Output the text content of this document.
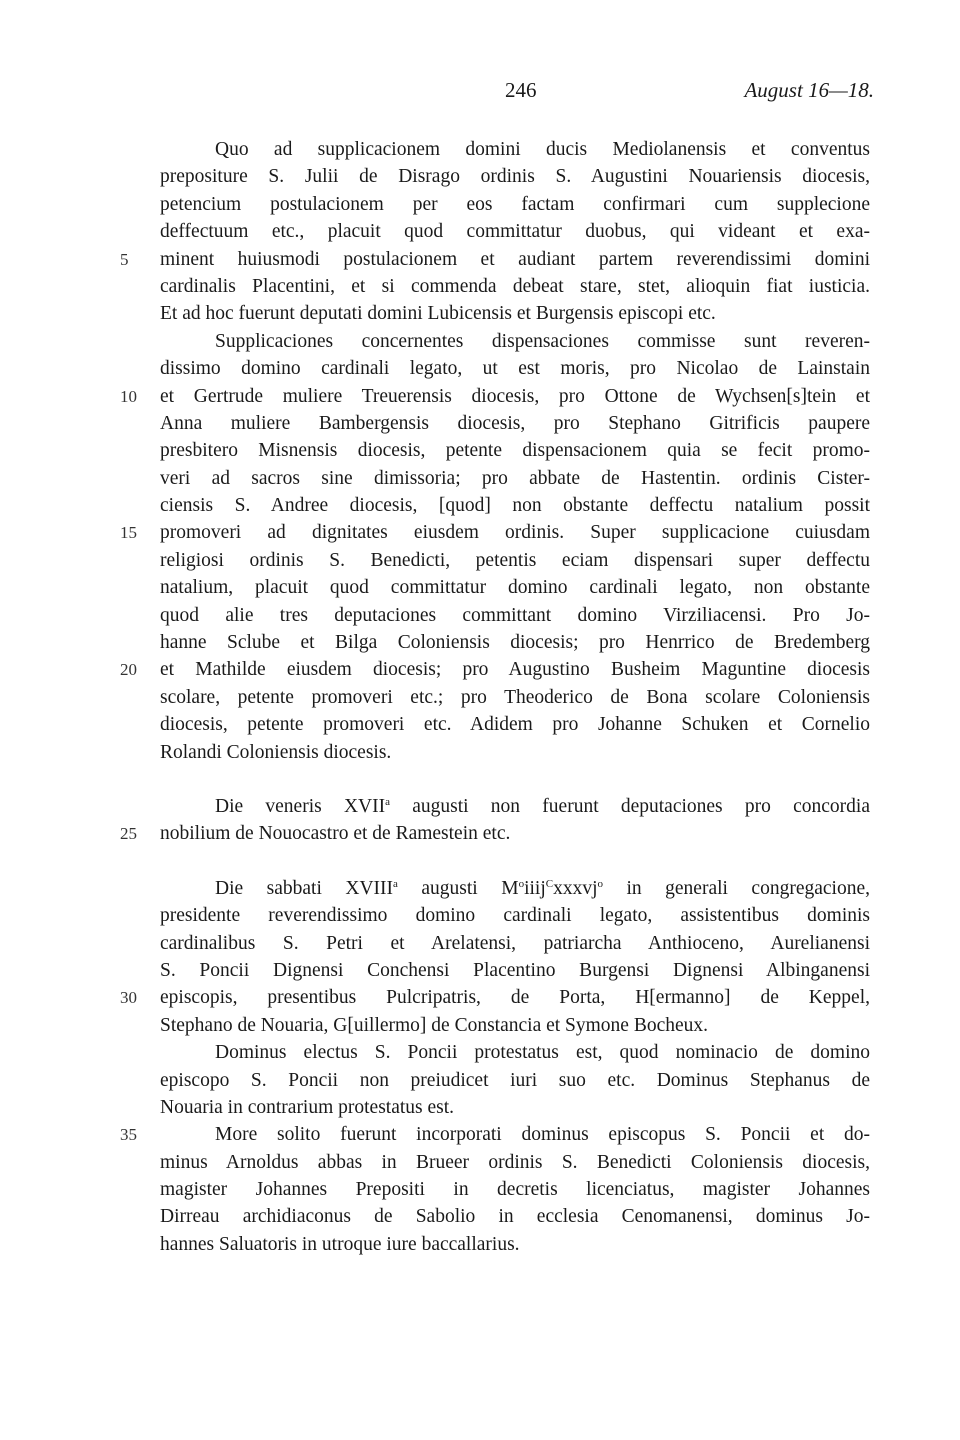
246	August 16—18.
Quo ad supplicacionem domini ducis Mediolanensis et conventus
prepositure S. Julii de Disrago ordinis S. Augustini Nouariensis diocesis,
petencium postulacionem per eos factam confirmari cum supplecione
deffectuum etc., placuit quod committatur duobus, qui videant et exa-
5	minent huiusmodi postulacionem et audiant partem reverendissimi domini
cardinalis Placentini, et si commenda debeat stare, stet, alioquin fiat iusticia.
Et ad hoc fuerunt deputati domini Lubicensis et Burgensis episcopi etc.
Supplicaciones concernentes dispensaciones commisse sunt reveren-
dissimo domino cardinali legato, ut est moris, pro Nicolao de Lainstain
10	et Gertrude muliere Treuerensis diocesis, pro Ottone de Wychsen[s]tein et
Anna muliere Bambergensis diocesis, pro Stephano Gitrificis paupere
presbitero Misnensis diocesis, petente dispensacionem quia se fecit promo-
veri ad sacros sine dimissoria; pro abbate de Hastentin. ordinis Cister-
ciensis S. Andree diocesis, [quod] non obstante deffectu natalium possit
15	promoveri ad dignitates eiusdem ordinis. Super supplicacione cuiusdam
religiosi ordinis S. Benedicti, petentis eciam dispensari super deffectu
natalium, placuit quod committatur domino cardinali legato, non obstante
quod alie tres deputaciones committant domino Virziliacensi. Pro Jo-
hanne Sclube et Bilga Coloniensis diocesis; pro Henrrico de Bredemberg
20	et Mathilde eiusdem diocesis; pro Augustino Busheim Maguntine diocesis
scolare, petente promoveri etc.; pro Theoderico de Bona scolare Coloniensis
diocesis, petente promoveri etc. Adidem pro Johanne Schuken et Cornelio
Rolandi Coloniensis diocesis.
Die veneris XVII$^a$ augusti non fuerunt deputaciones pro concordia
25	nobilium de Nouocastro et de Ramestein etc.
Die sabbati XVIII$^a$ augusti $M^oiiij^Cxxxvj^o$ in generali congregacione,
presidente reverendissimo domino cardinali legato, assistentibus dominis
cardinalibus S. Petri et Arelatensi, patriarcha Anthioceno, Aurelianensi
S. Poncii Dignensi Conchensi Placentino Burgensi Dignensi Albinganensi
30	episcopis, presentibus Pulcripatris, de Porta, H[ermanno] de Keppel,
Stephano de Nouaria, G[uillermo] de Constancia et Symone Bocheux.
Dominus electus S. Poncii protestatus est, quod nominacio de domino
episcopo S. Poncii non preiudicet iuri suo etc. Dominus Stephanus de
Nouaria in contrarium protestatus est.
35	More solito fuerunt incorporati dominus episcopus S. Poncii et do-
minus Arnoldus abbas in Brueer ordinis S. Benedicti Coloniensis diocesis,
magister Johannes Prepositi in decretis licenciatus, magister Johannes
Dirreau archidiaconus de Sabolio in ecclesia Cenomanensi, dominus Jo-
hannes Saluatoris in utroque iure baccallarius.
